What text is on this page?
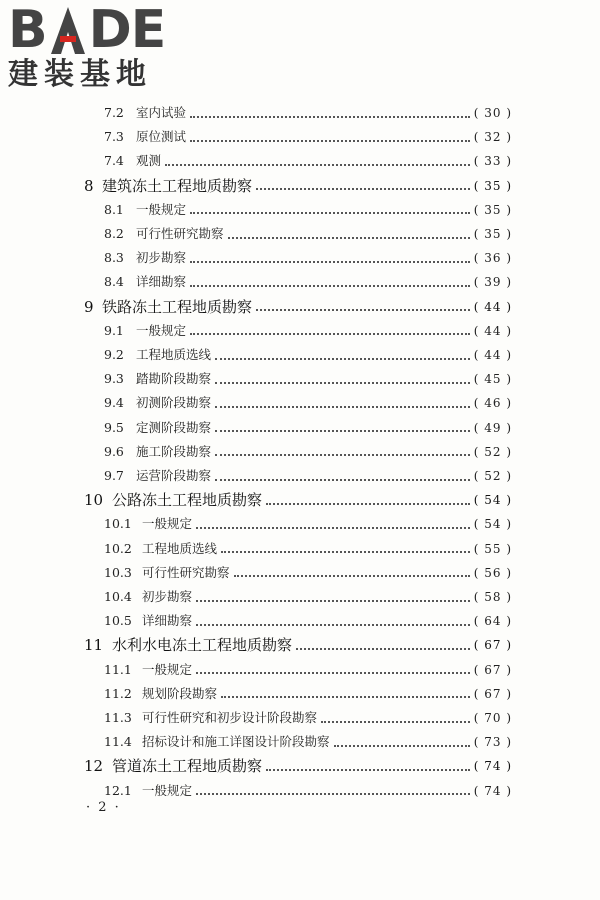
B DE
建装基地
7.2 室内试验	( 30 )
7.3 原位测试	( 32 )
7.4 观测	( 33 )
8 建筑冻土工程地质勘察	( 35 )
8.1 一般规定	( 35 )
8.2 可行性研究勘察	( 35 )
8.3 初步勘察	( 36 )
8.4 详细勘察	( 39 )
9 铁路冻土工程地质勘察	( 44 )
9.1 一般规定	( 44 )
9.2 工程地质选线	( 44 )
9.3 踏勘阶段勘察	( 45 )
9.4 初测阶段勘察	( 46 )
9.5 定测阶段勘察	( 49 )
9.6 施工阶段勘察	( 52 )
9.7 运营阶段勘察	( 52 )
10 公路冻土工程地质勘察	( 54 )
10.1 一般规定	( 54 )
10.2 工程地质选线	( 55 )
10.3 可行性研究勘察	( 56 )
10.4 初步勘察	( 58 )
10.5 详细勘察	( 64 )
11 水利水电冻土工程地质勘察	( 67 )
11.1 一般规定	( 67 )
11.2 规划阶段勘察	( 67 )
11.3 可行性研究和初步设计阶段勘察	( 70 )
11.4 招标设计和施工详图设计阶段勘察	( 73 )
12 管道冻土工程地质勘察	( 74 )
12.1 一般规定	( 74 )
· 2 ·
